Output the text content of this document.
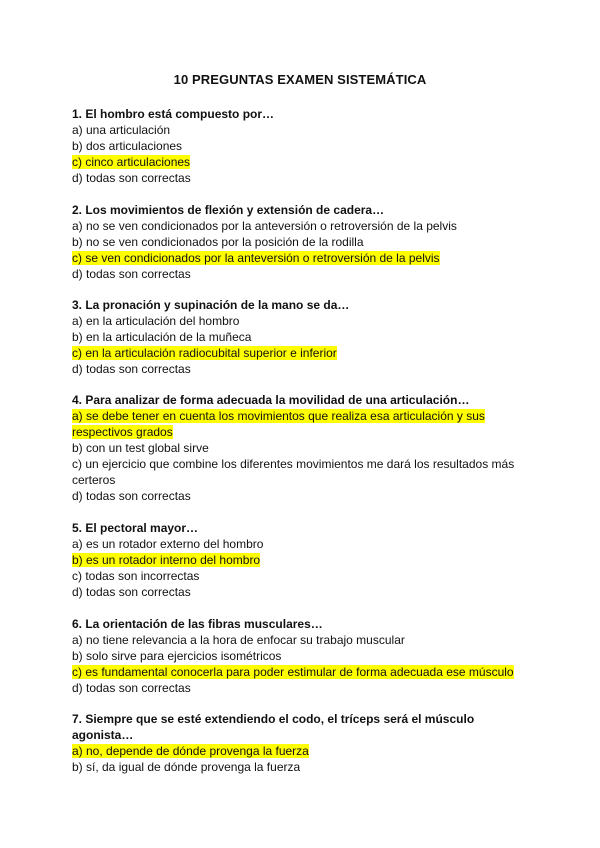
10 PREGUNTAS EXAMEN SISTEMÁTICA

1. El hombro está compuesto por…

a) una articulación

b) dos articulaciones

c) cinco articulaciones

d) todas son correctas

2. Los movimientos de flexión y extensión de cadera…

a) no se ven condicionados por la anteversión o retroversión de la pelvis

b) no se ven condicionados por la posición de la rodilla

c) se ven condicionados por la anteversión o retroversión de la pelvis

d) todas son correctas

3. La pronación y supinación de la mano se da…

a) en la articulación del hombro

b) en la articulación de la muñeca

c) en la articulación radiocubital superior e inferior

d) todas son correctas

4. Para analizar de forma adecuada la movilidad de una articulación…

a) se debe tener en cuenta los movimientos que realiza esa articulación y sus respectivos grados

b) con un test global sirve

c) un ejercicio que combine los diferentes movimientos me dará los resultados más certeros

d) todas son correctas

5. El pectoral mayor…

a) es un rotador externo del hombro

b) es un rotador interno del hombro

c) todas son incorrectas

d) todas son correctas

6. La orientación de las fibras musculares…

a) no tiene relevancia a la hora de enfocar su trabajo muscular

b) solo sirve para ejercicios isométricos

c) es fundamental conocerla para poder estimular de forma adecuada ese músculo

d) todas son correctas

7. Siempre que se esté extendiendo el codo, el tríceps será el músculo agonista…

a) no, depende de dónde provenga la fuerza

b) sí, da igual de dónde provenga la fuerza
